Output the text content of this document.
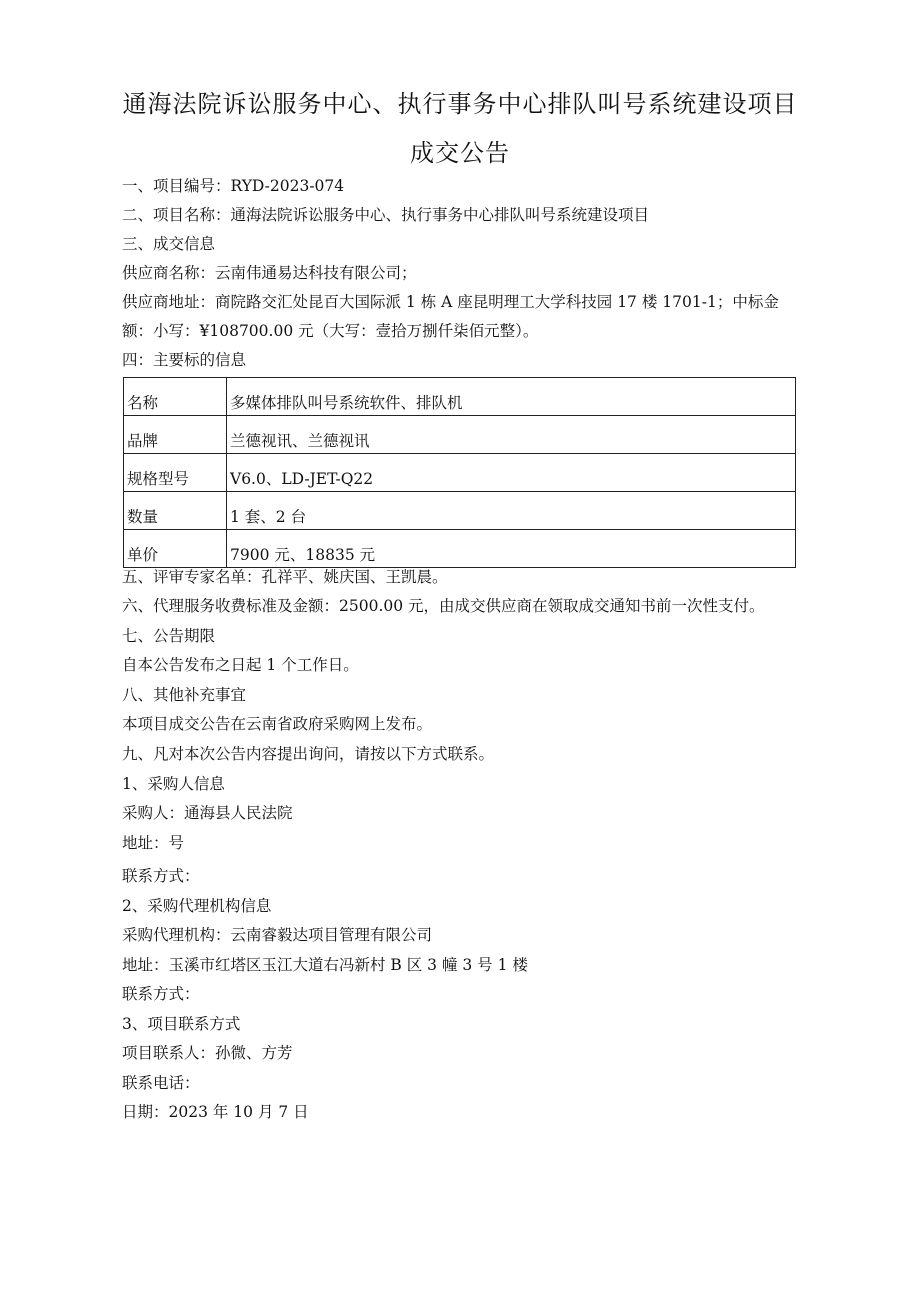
通海法院诉讼服务中心、执行事务中心排队叫号系统建设项目
成交公告
一、项目编号：RYD-2023-074
二、项目名称：通海法院诉讼服务中心、执行事务中心排队叫号系统建设项目
三、成交信息
供应商名称：云南伟通易达科技有限公司；
供应商地址：商院路交汇处昆百大国际派 1 栋 A 座昆明理工大学科技园 17 楼 1701-1；中标金
额：小写：¥108700.00 元（大写：壹拾万捌仟柒佰元整）。
四：主要标的信息
名称	多媒体排队叫号系统软件、排队机
品牌	兰德视讯、兰德视讯
规格型号	V6.0、LD-JET-Q22
数量	1 套、2 台
单价	7900 元、18835 元
五、评审专家名单：孔祥平、姚庆国、王凯晨。
六、代理服务收费标准及金额：2500.00 元，由成交供应商在领取成交通知书前一次性支付。
七、公告期限
自本公告发布之日起 1 个工作日。
八、其他补充事宜
本项目成交公告在云南省政府采购网上发布。
九、凡对本次公告内容提出询问，请按以下方式联系。
1、采购人信息
采购人：通海县人民法院
地址：号
联系方式：
2、采购代理机构信息
采购代理机构：云南睿毅达项目管理有限公司
地址：玉溪市红塔区玉江大道右冯新村 B 区 3 幢 3 号 1 楼
联系方式：
3、项目联系方式
项目联系人：孙微、方芳
联系电话：
日期：2023 年 10 月 7 日
